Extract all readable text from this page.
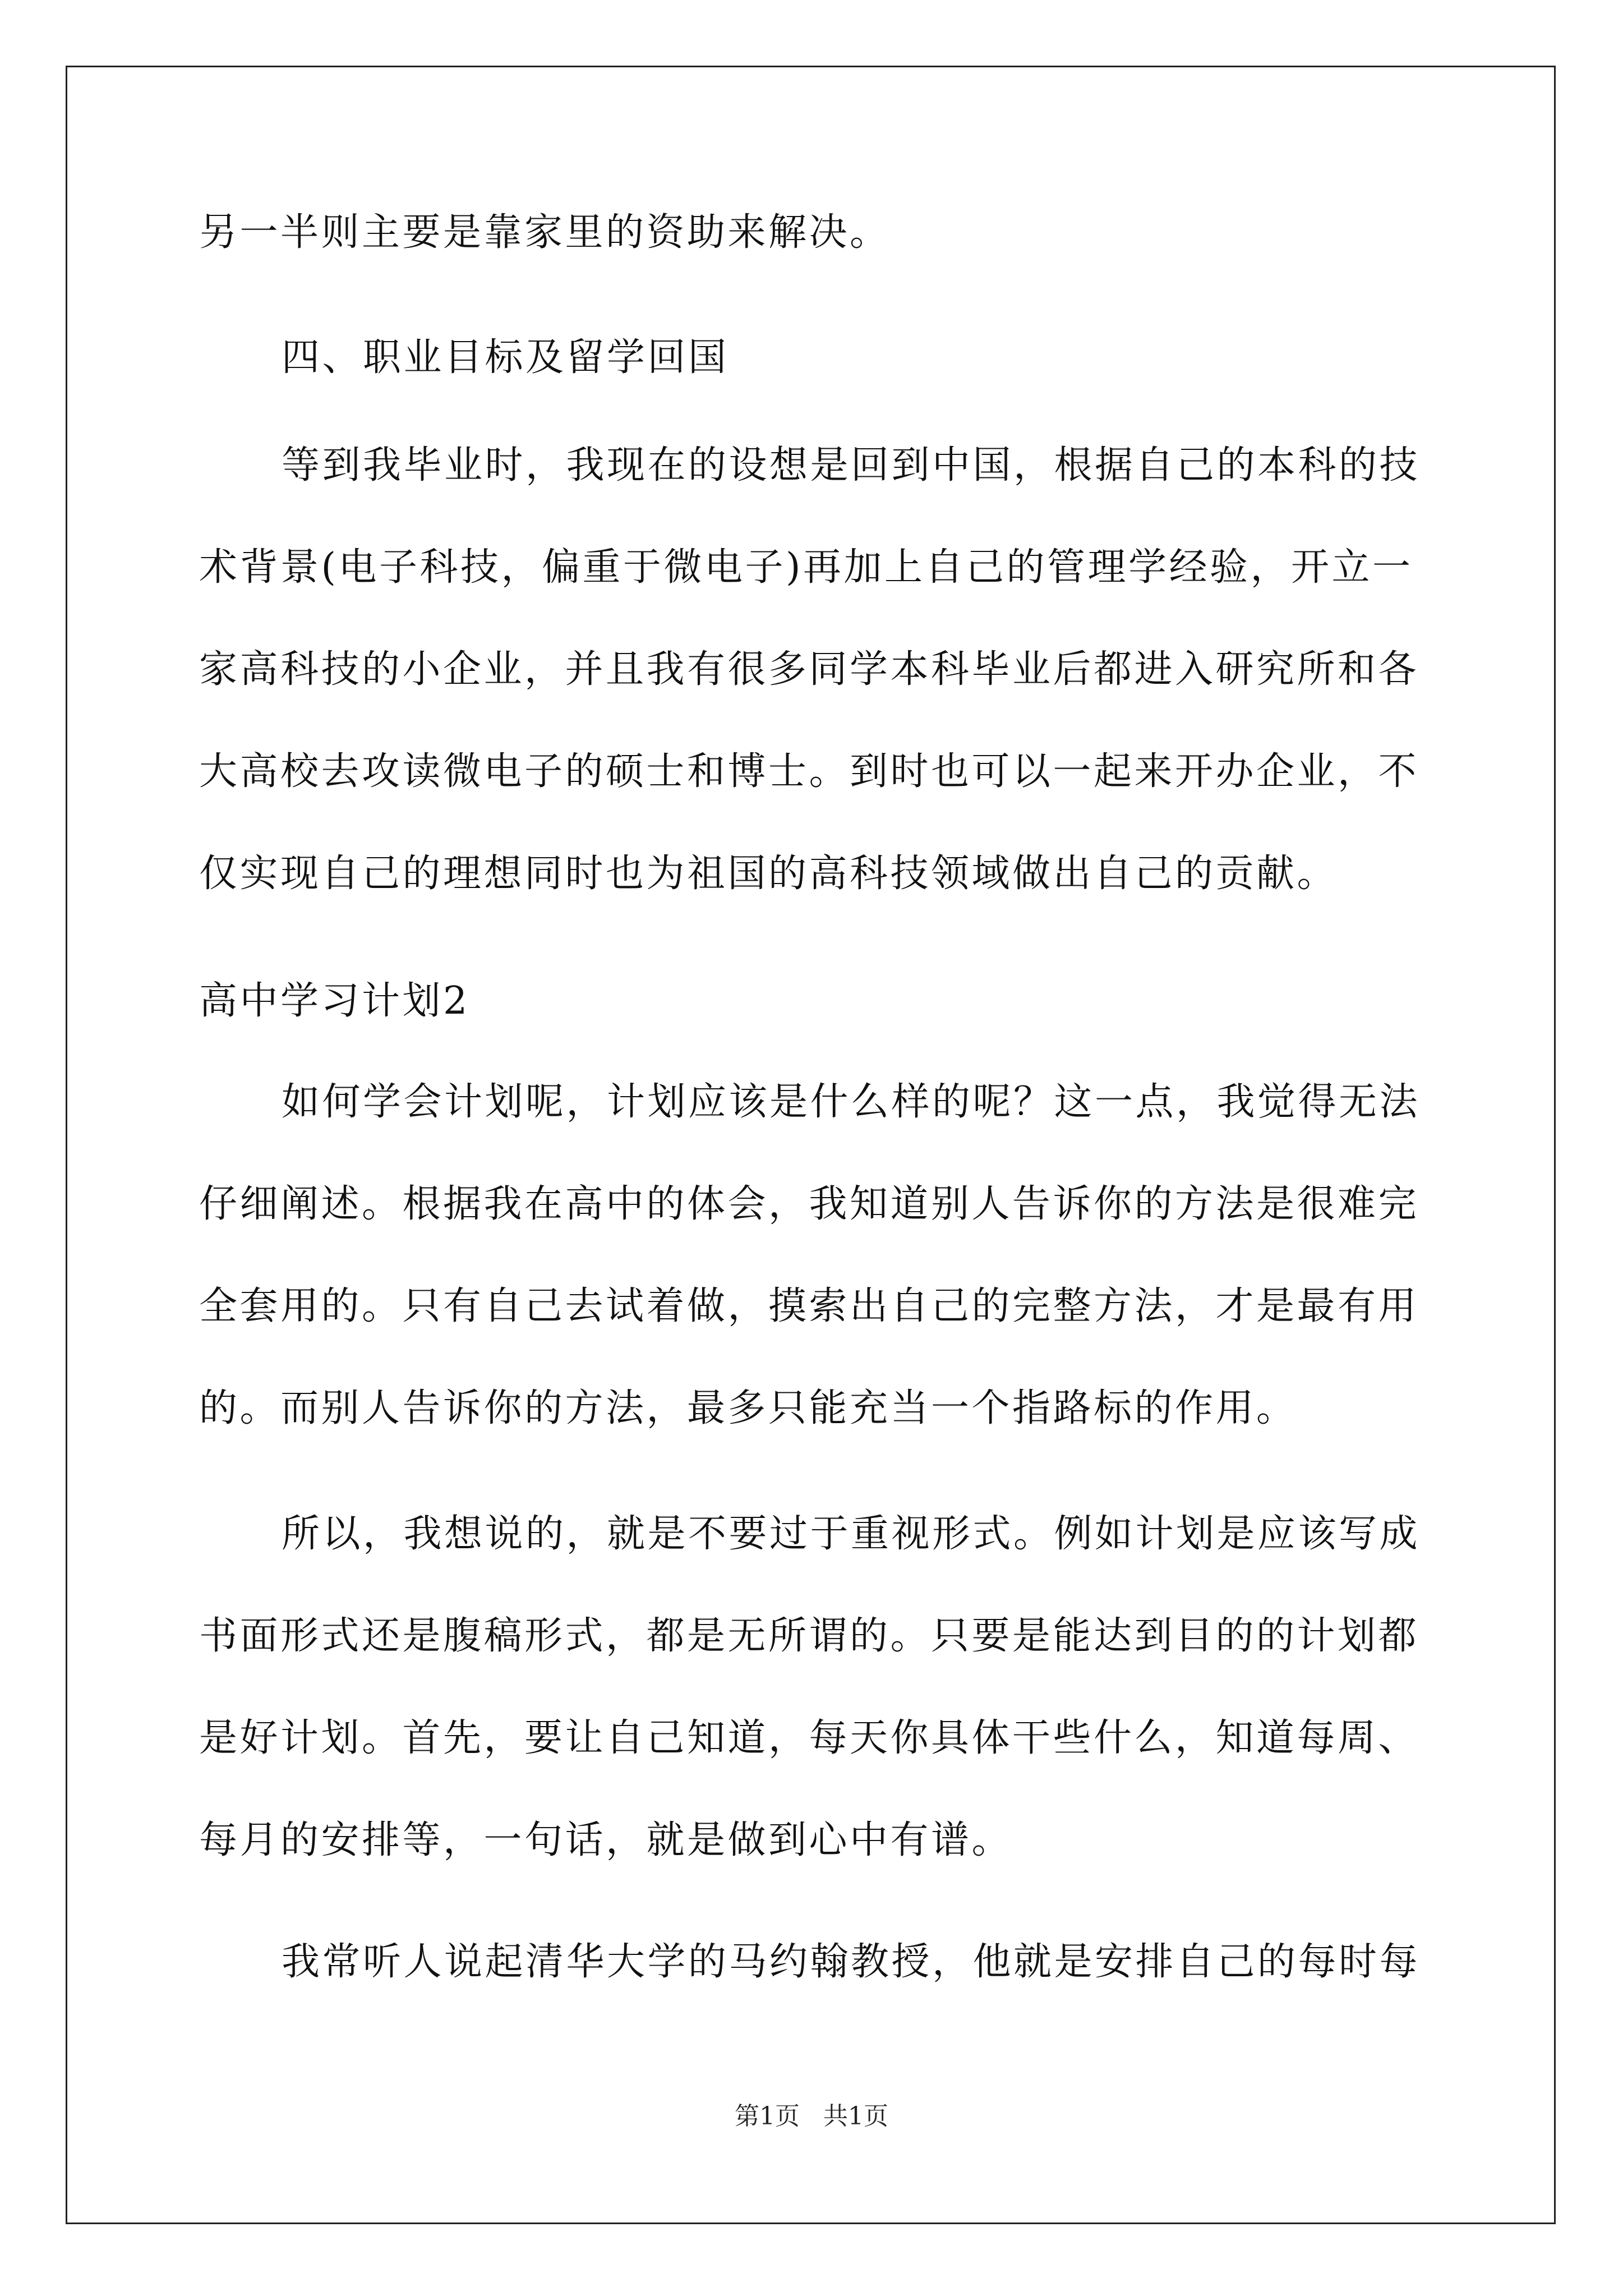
另一半则主要是靠家里的资助来解决。
四、职业目标及留学回国
等到我毕业时，我现在的设想是回到中国，根据自己的本科的技
术背景(电子科技，偏重于微电子)再加上自己的管理学经验，开立一
家高科技的小企业，并且我有很多同学本科毕业后都进入研究所和各
大高校去攻读微电子的硕士和博士。到时也可以一起来开办企业，不
仅实现自己的理想同时也为祖国的高科技领域做出自己的贡献。
高中学习计划2
如何学会计划呢，计划应该是什么样的呢？这一点，我觉得无法
仔细阐述。根据我在高中的体会，我知道别人告诉你的方法是很难完
全套用的。只有自己去试着做，摸索出自己的完整方法，才是最有用
的。而别人告诉你的方法，最多只能充当一个指路标的作用。
所以，我想说的，就是不要过于重视形式。例如计划是应该写成
书面形式还是腹稿形式，都是无所谓的。只要是能达到目的的计划都
是好计划。首先，要让自己知道，每天你具体干些什么，知道每周、
每月的安排等，一句话，就是做到心中有谱。
我常听人说起清华大学的马约翰教授，他就是安排自己的每时每
第1页 共1页
